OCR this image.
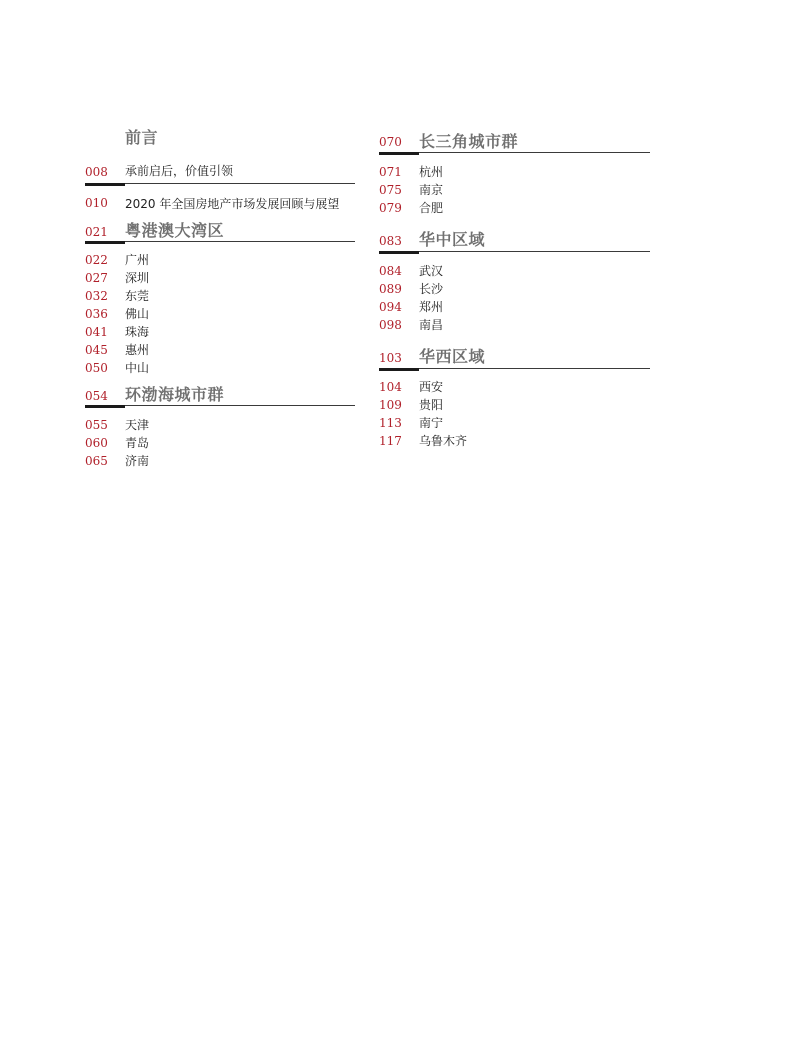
前言
008 承前启后，价值引领
010 2020 年全国房地产市场发展回顾与展望
021 粤港澳大湾区
022 广州
027 深圳
032 东莞
036 佛山
041 珠海
045 惠州
050 中山
054 环渤海城市群
055 天津
060 青岛
065 济南
070 长三角城市群
071 杭州
075 南京
079 合肥
083 华中区域
084 武汉
089 长沙
094 郑州
098 南昌
103 华西区域
104 西安
109 贵阳
113 南宁
117 乌鲁木齐
